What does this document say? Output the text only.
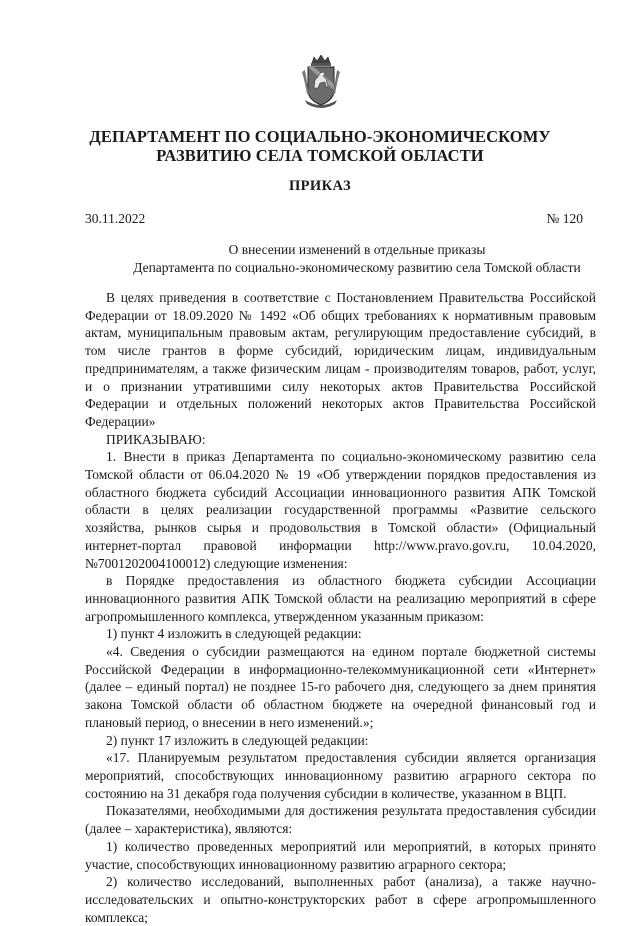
ДЕПАРТАМЕНТ ПО СОЦИАЛЬНО-ЭКОНОМИЧЕСКОМУ
РАЗВИТИЮ СЕЛА ТОМСКОЙ ОБЛАСТИ
ПРИКАЗ
30.11.2022	№ 120
О внесении изменений в отдельные приказы
Департамента по социально-экономическому развитию села Томской области

В целях приведения в соответствие с Постановлением Правительства Российской Федерации от 18.09.2020 № 1492 «Об общих требованиях к нормативным правовым актам, муниципальным правовым актам, регулирующим предоставление субсидий, в том числе грантов в форме субсидий, юридическим лицам, индивидуальным предпринимателям, а также физическим лицам - производителям товаров, работ, услуг, и о признании утратившими силу некоторых актов Правительства Российской Федерации и отдельных положений некоторых актов Правительства Российской Федерации»

ПРИКАЗЫВАЮ:

1. Внести в приказ Департамента по социально-экономическому развитию села Томской области от 06.04.2020 № 19 «Об утверждении порядков предоставления из областного бюджета субсидий Ассоциации инновационного развития АПК Томской области в целях реализации государственной программы «Развитие сельского хозяйства, рынков сырья и продовольствия в Томской области» (Официальный интернет-портал правовой информации http://www.pravo.gov.ru, 10.04.2020, №7001202004100012) следующие изменения:

в Порядке предоставления из областного бюджета субсидии Ассоциации инновационного развития АПК Томской области на реализацию мероприятий в сфере агропромышленного комплекса, утвержденном указанным приказом:

1) пункт 4 изложить в следующей редакции:

«4. Сведения о субсидии размещаются на едином портале бюджетной системы Российской Федерации в информационно-телекоммуникационной сети «Интернет» (далее – единый портал) не позднее 15-го рабочего дня, следующего за днем принятия закона Томской области об областном бюджете на очередной финансовый год и плановый период, о внесении в него изменений.»;

2) пункт 17 изложить в следующей редакции:

«17. Планируемым результатом предоставления субсидии является организация мероприятий, способствующих инновационному развитию аграрного сектора по состоянию на 31 декабря года получения субсидии в количестве, указанном в ВЦП.

Показателями, необходимыми для достижения результата предоставления субсидии (далее – характеристика), являются:

1) количество проведенных мероприятий или мероприятий, в которых принято участие, способствующих инновационному развитию аграрного сектора;

2) количество исследований, выполненных работ (анализа), а также научно-исследовательских и опытно-конструкторских работ в сфере агропромышленного комплекса;
